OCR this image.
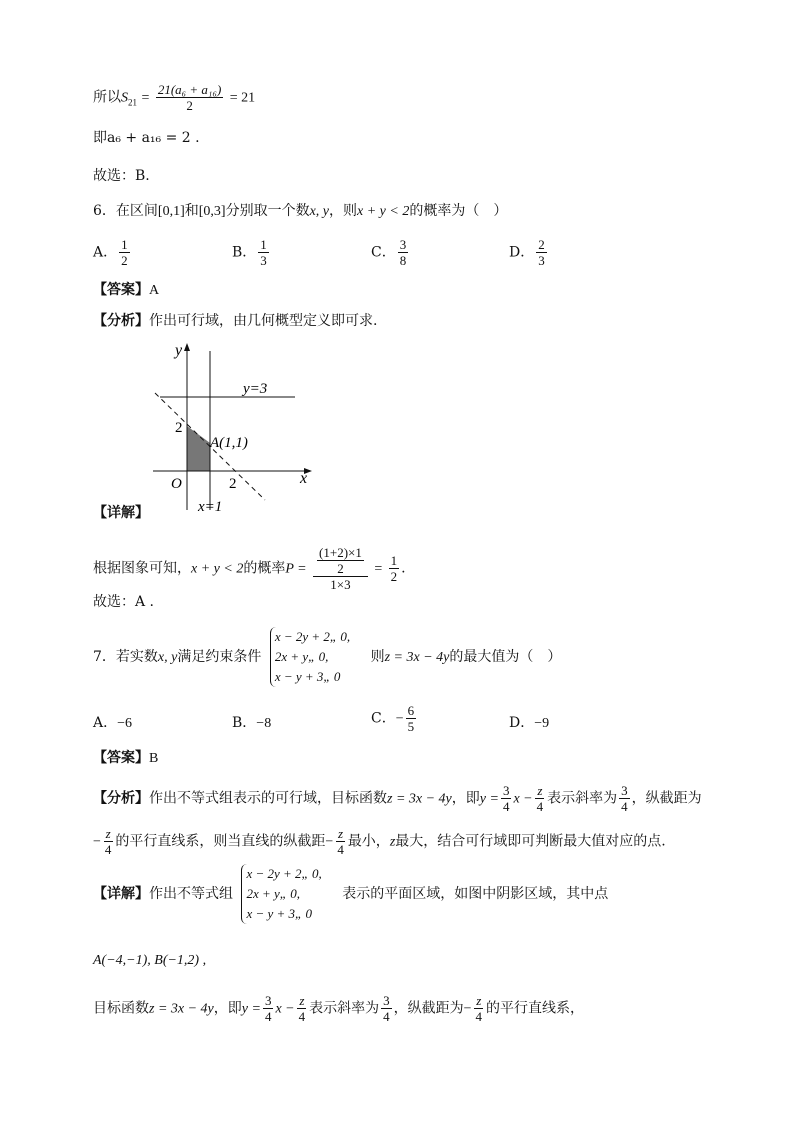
所以$S_{21} = \frac{\text{21(a₆ + a₁₆)}}{2} = 21$
即a₆ + a₁₆ = 2 .
故选：B.
6．在区间[0,1]和[0,3]分别取一个数x, y，则x + y < 2的概率为（　）
A． $\frac{1}{2}$	B． $\frac{1}{3}$	C． $\frac{3}{8}$	D． $\frac{2}{3}$
【答案】A
【分析】作出可行域，由几何概型定义即可求.
y
x
O
y=3
A(1,1)
2
2
x=1
【详解】
根据图象可知，x + y < 2的概率$P = \frac{\frac{(1+2)\times 1}{2}}{1\times 3} = \frac{1}{2}$ .
故选：A .
7．若实数x, y满足约束条件
x − 2y + 2„ 0,
2x + y„ 0,
x − y + 3„ 0
则z = 3x − 4y的最大值为（　）
A．−6	B．−8	C．− $\frac{6}{5}$	D．−9
【答案】B
【分析】作出不等式组表示的可行域，目标函数z = 3x − 4y，即$y = \frac{3}{4}$ $x - \frac{z}{4}$ 表示斜率为 $\frac{3}{4}$ ，纵截距为
− $\frac{z}{4}$ 的平行直线系，则当直线的纵截距− $\frac{z}{4}$ 最小，z最大，结合可行域即可判断最大值对应的点.
【详解】作出不等式组
x − 2y + 2„ 0,
2x + y„ 0,
x − y + 3„ 0
表示的平面区域，如图中阴影区域，其中点
A(−4,−1), B(−1,2) ,
目标函数z = 3x − 4y，即$y = \frac{3}{4}$ $x - \frac{z}{4}$ 表示斜率为 $\frac{3}{4}$ ，纵截距为− $\frac{z}{4}$ 的平行直线系，
